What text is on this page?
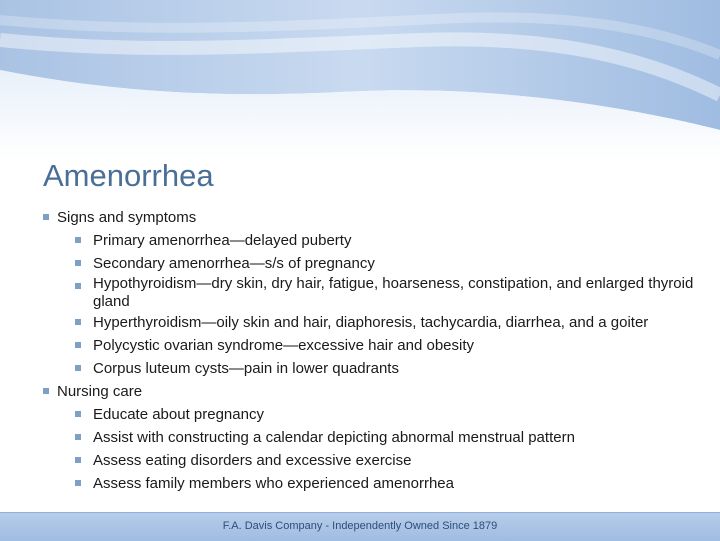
Amenorrhea
Signs and symptoms
Primary amenorrhea—delayed puberty
Secondary amenorrhea—s/s of pregnancy
Hypothyroidism—dry skin, dry hair, fatigue, hoarseness, constipation, and enlarged thyroid gland
Hyperthyroidism—oily skin and hair, diaphoresis, tachycardia, diarrhea, and a goiter
Polycystic ovarian syndrome—excessive hair and obesity
Corpus luteum cysts—pain in lower quadrants
Nursing care
Educate about pregnancy
Assist with constructing a calendar depicting abnormal menstrual pattern
Assess eating disorders and excessive exercise
Assess family members who experienced amenorrhea
F.A. Davis Company - Independently Owned Since 1879
